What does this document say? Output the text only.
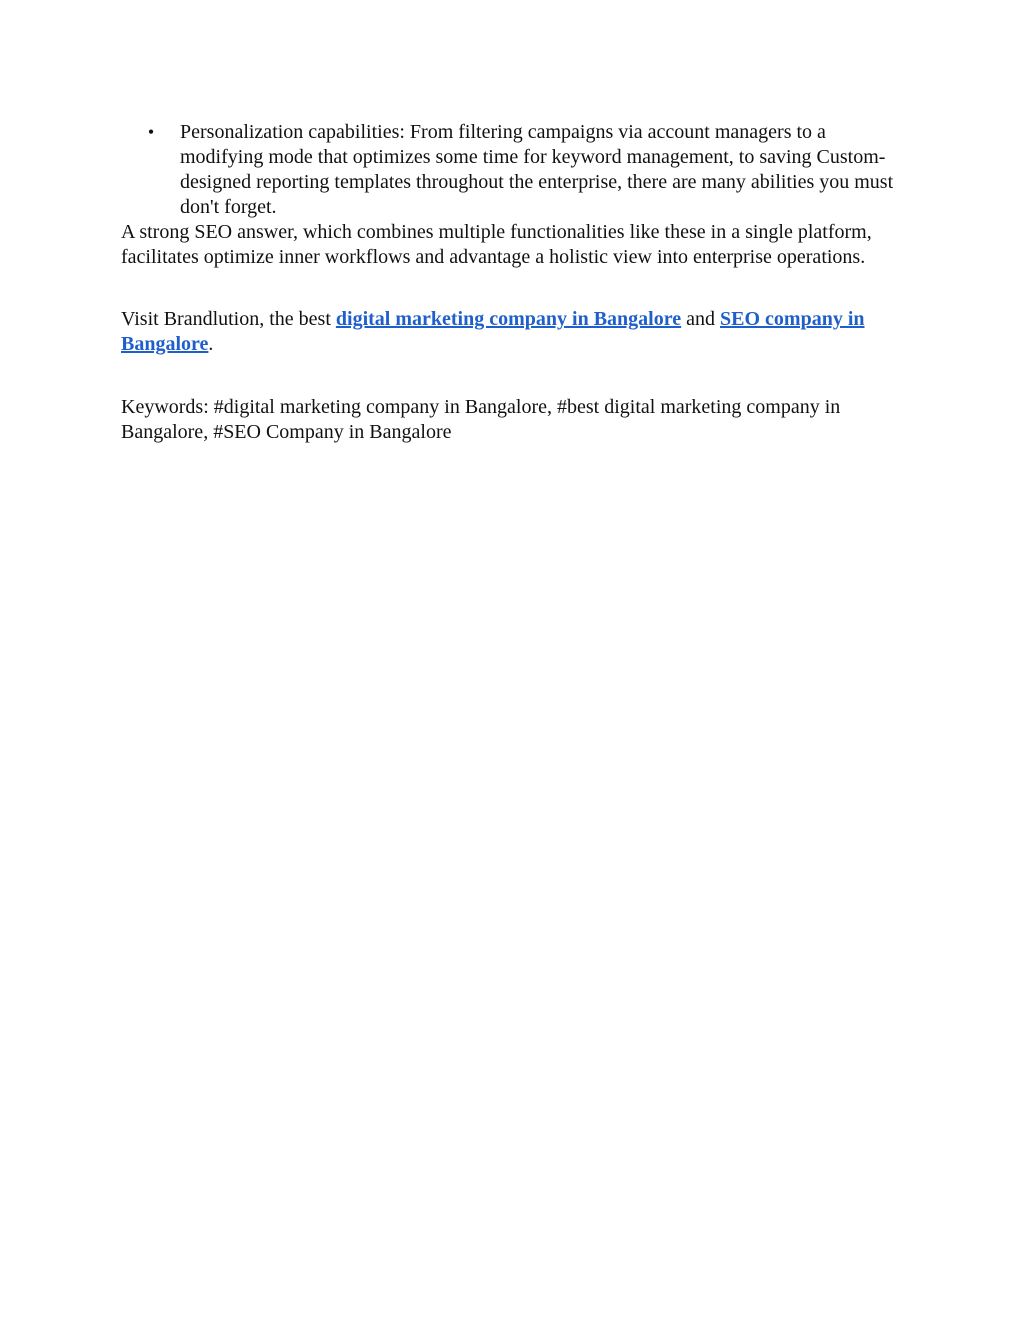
•	Personalization capabilities: From filtering campaigns via account managers to a modifying mode that optimizes some time for keyword management, to saving Custom-designed reporting templates throughout the enterprise, there are many abilities you must don't forget.

A strong SEO answer, which combines multiple functionalities like these in a single platform, facilitates optimize inner workflows and advantage a holistic view into enterprise operations.

Visit Brandlution, the best digital marketing company in Bangalore and SEO company in Bangalore.

Keywords: #digital marketing company in Bangalore, #best digital marketing company in Bangalore, #SEO Company in Bangalore
